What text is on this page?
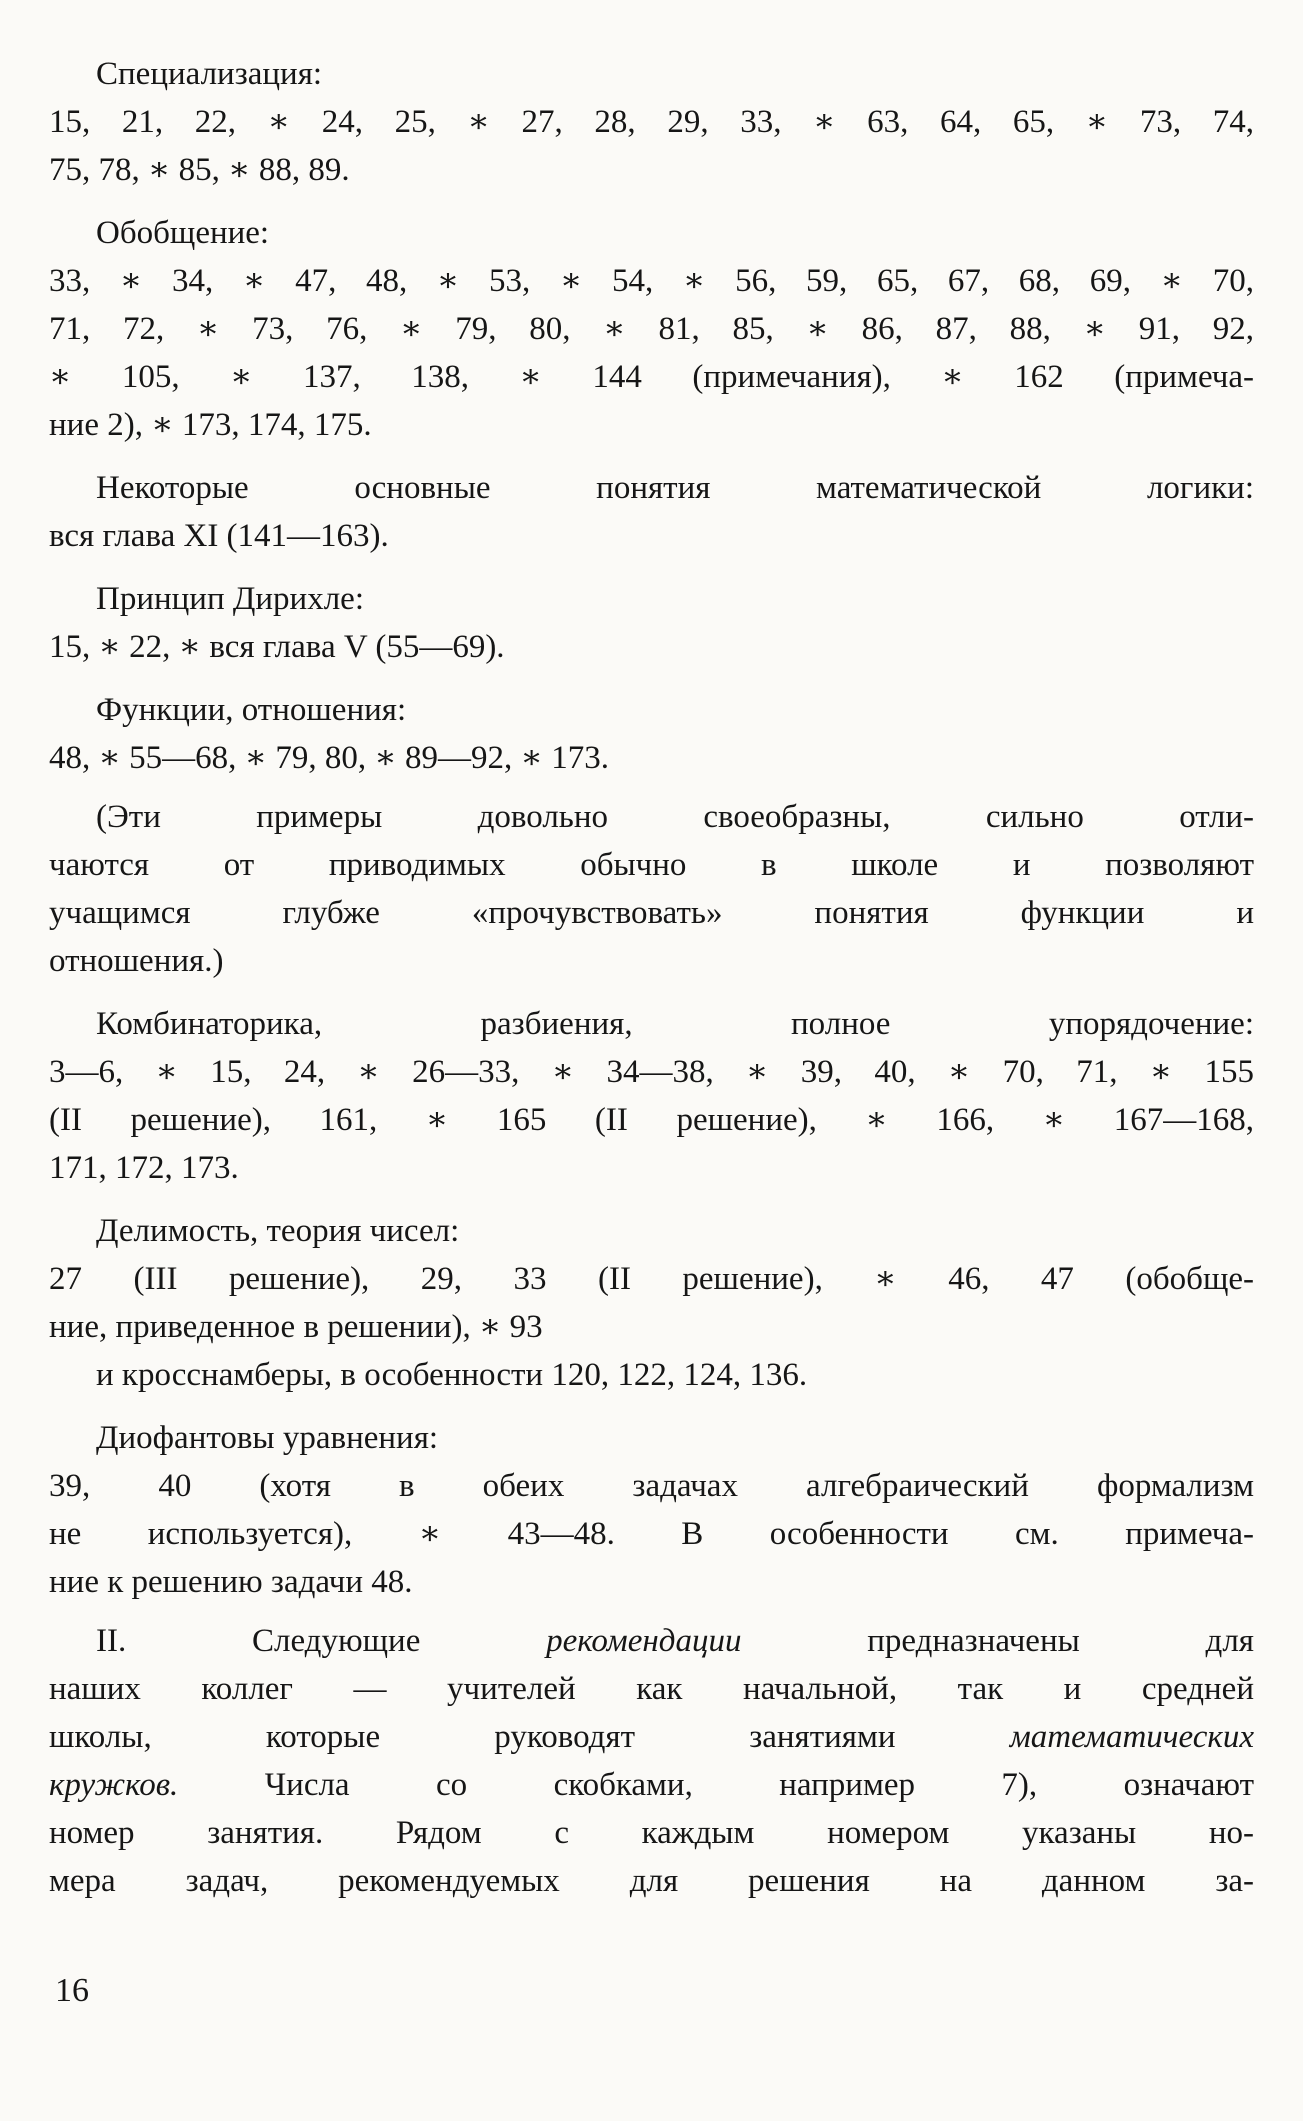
Специализация:
15, 21, 22, ∗ 24, 25, ∗ 27, 28, 29, 33, ∗ 63, 64, 65, ∗ 73, 74,
75, 78, ∗ 85, ∗ 88, 89.
Обобщение:
33, ∗ 34, ∗ 47, 48, ∗ 53, ∗ 54, ∗ 56, 59, 65, 67, 68, 69, ∗ 70,
71, 72, ∗ 73, 76, ∗ 79, 80, ∗ 81, 85, ∗ 86, 87, 88, ∗ 91, 92,
∗ 105, ∗ 137, 138, ∗ 144 (примечания), ∗ 162 (примеча-
ние 2), ∗ 173, 174, 175.
Некоторые основные понятия математической логики:
вся глава XI (141—163).
Принцип Дирихле:
15, ∗ 22, ∗ вся глава V (55—69).
Функции, отношения:
48, ∗ 55—68, ∗ 79, 80, ∗ 89—92, ∗ 173.
(Эти примеры довольно своеобразны, сильно отли-
чаются от приводимых обычно в школе и позволяют
учащимся глубже «прочувствовать» понятия функции и
отношения.)
Комбинаторика, разбиения, полное упорядочение:
3—6, ∗ 15, 24, ∗ 26—33, ∗ 34—38, ∗ 39, 40, ∗ 70, 71, ∗ 155
(II решение), 161, ∗ 165 (II решение), ∗ 166, ∗ 167—168,
171, 172, 173.
Делимость, теория чисел:
27 (III решение), 29, 33 (II решение), ∗ 46, 47 (обобще-
ние, приведенное в решении), ∗ 93
и кросснамберы, в особенности 120, 122, 124, 136.
Диофантовы уравнения:
39, 40 (хотя в обеих задачах алгебраический формализм
не используется), ∗ 43—48. В особенности см. примеча-
ние к решению задачи 48.
II. Следующие рекомендации предназначены для
наших коллег — учителей как начальной, так и средней
школы, которые руководят занятиями математических
кружков. Числа со скобками, например 7), означают
номер занятия. Рядом с каждым номером указаны но-
мера задач, рекомендуемых для решения на данном за-
16
